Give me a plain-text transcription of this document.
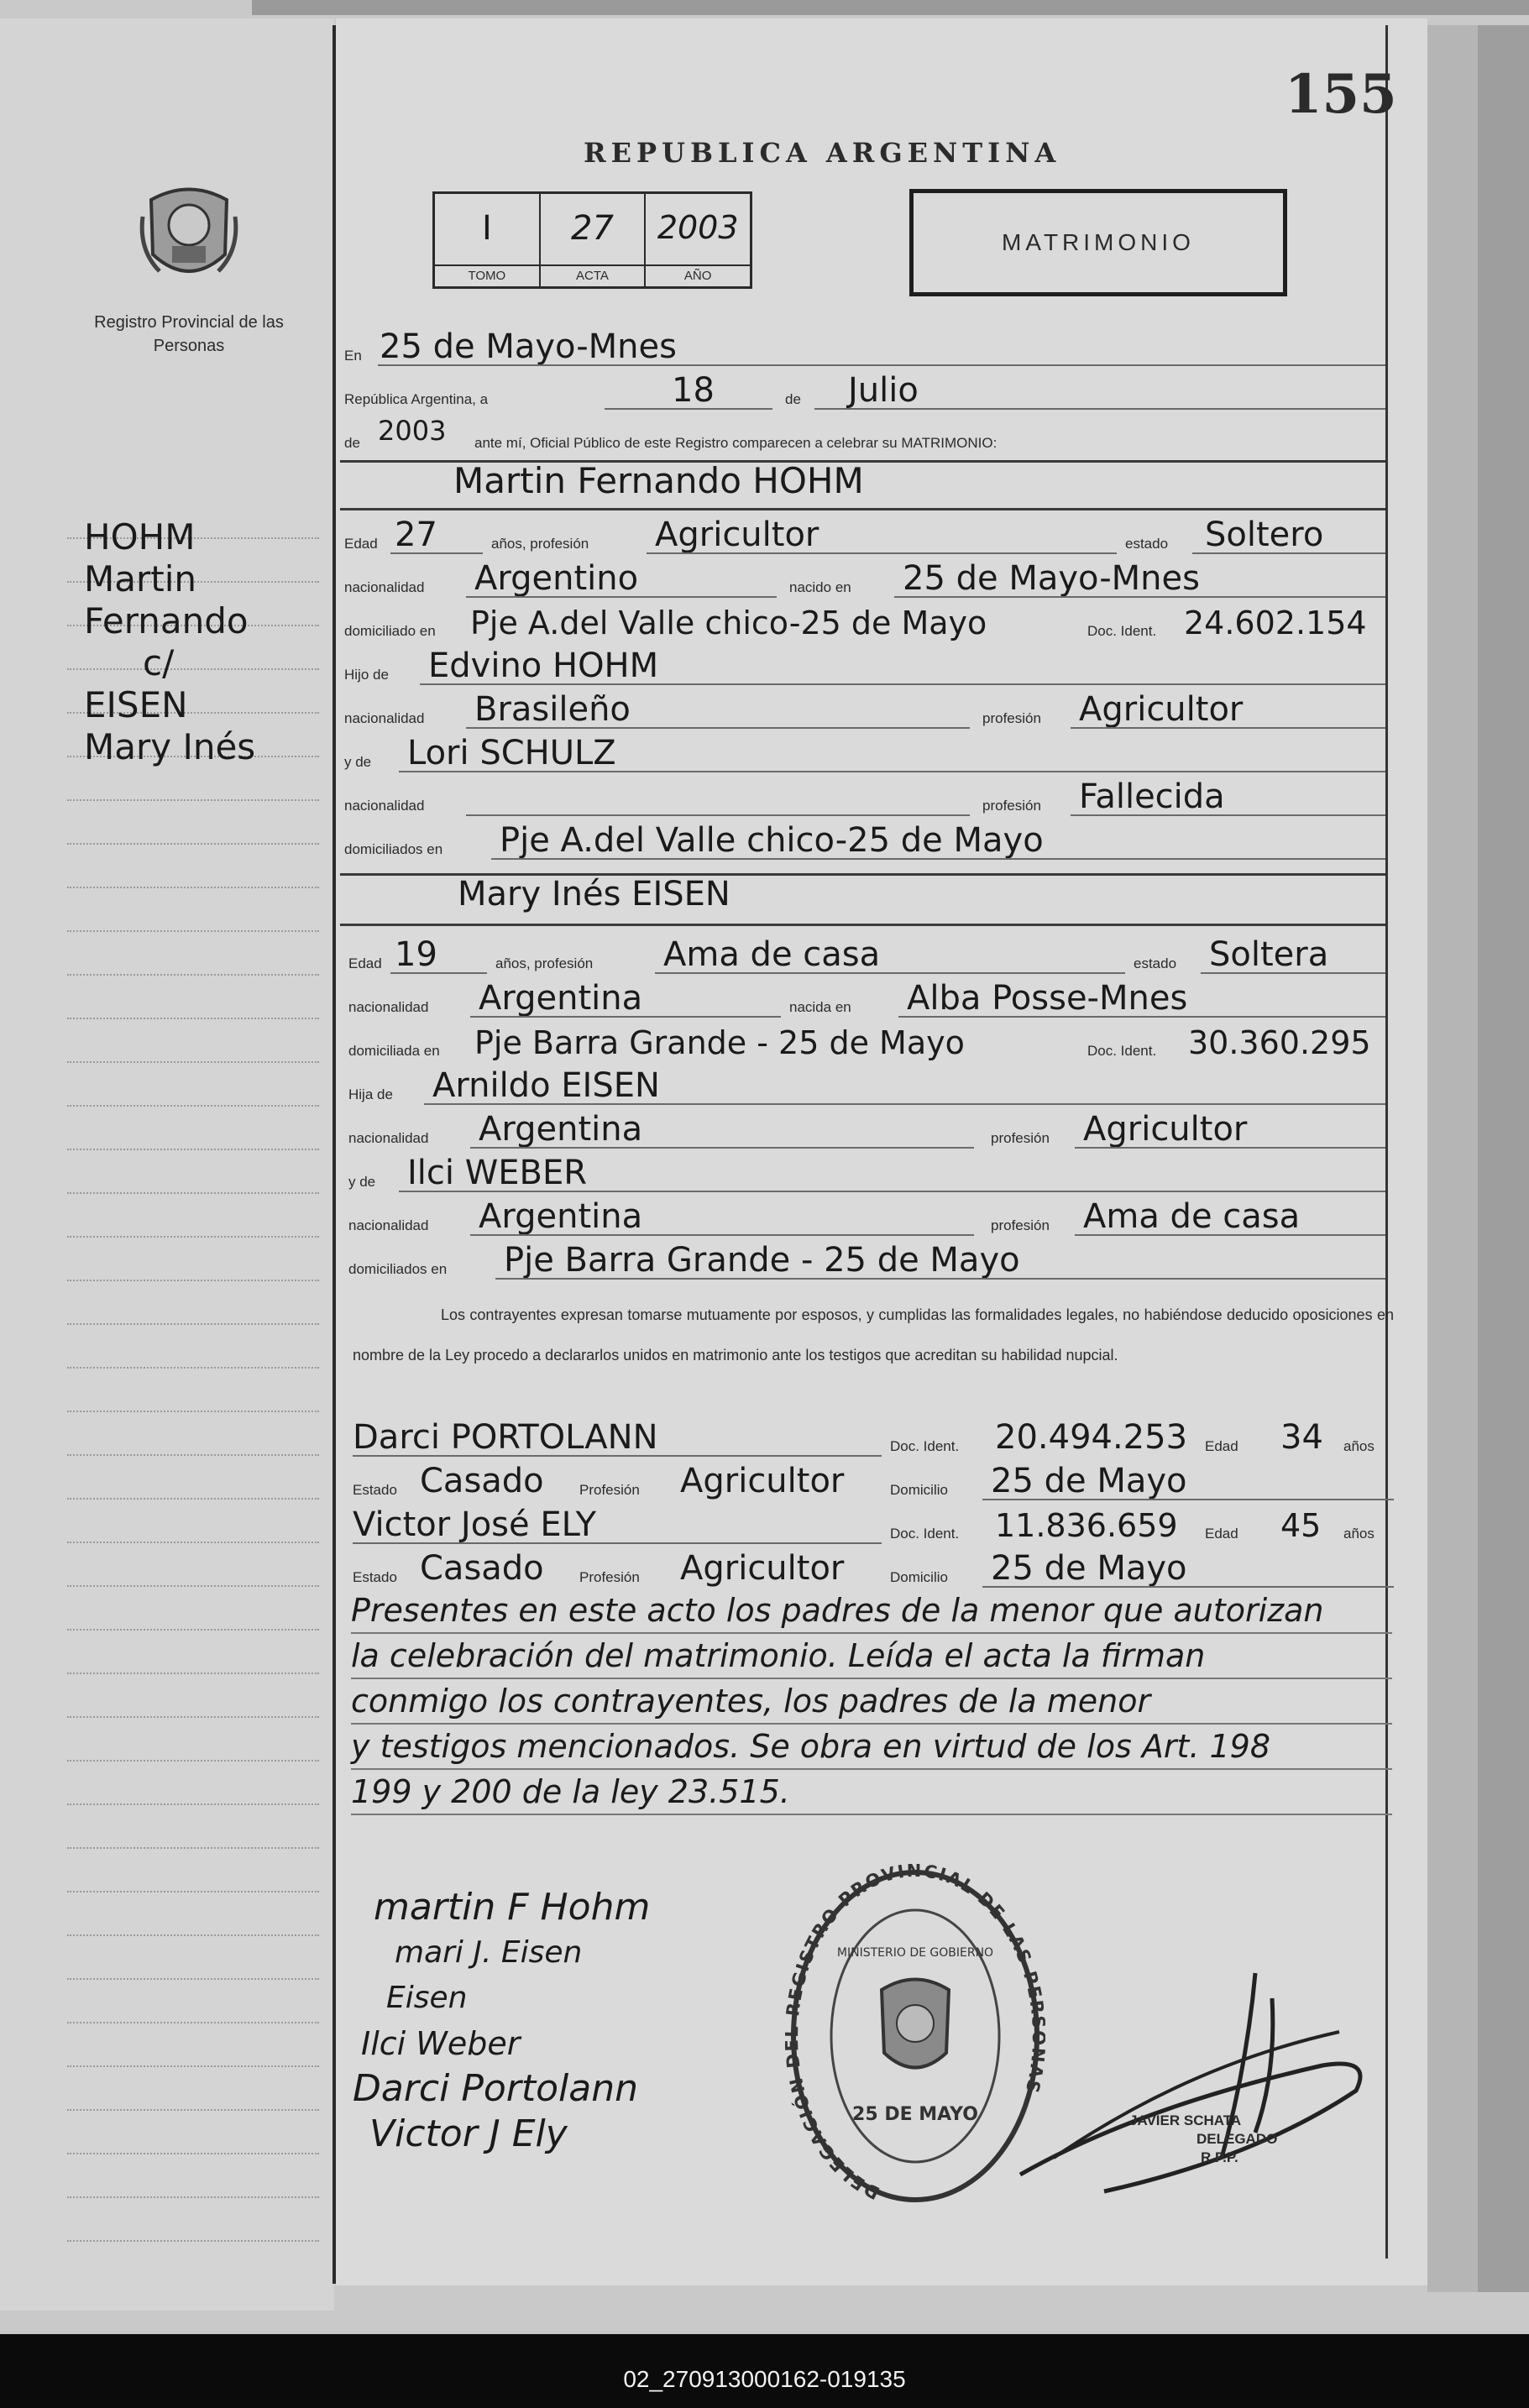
155
REPUBLICA ARGENTINA
Registro Provincial de las Personas
I
TOMO
27
ACTA
2003
AÑO
MATRIMONIO
HOHM
Martin
Fernando
c/
EISEN
Mary Inés
En 25 de Mayo-Mnes
República Argentina, a	18	de Julio
de 2003 ante mí, Oficial Público de este Registro comparecen a celebrar su MATRIMONIO:
Martin Fernando HOHM
Edad 27	años, profesión Agricultor	estado Soltero
nacionalidad Argentino	nacido en 25 de Mayo-Mnes
domiciliado en Pje A.del Valle chico-25 de Mayo	Doc. Ident. 24.602.154
Hijo de Edvino HOHM
nacionalidad Brasileño	profesión Agricultor
y de Lori SCHULZ
nacionalidad	profesión Fallecida
domiciliados en Pje A.del Valle chico-25 de Mayo
Mary Inés EISEN
Edad 19	años, profesión Ama de casa	estado Soltera
nacionalidad Argentina	nacida en Alba Posse-Mnes
domiciliada en Pje Barra Grande - 25 de Mayo	Doc. Ident. 30.360.295
Hija de Arnildo EISEN
nacionalidad Argentina	profesión Agricultor
y de Ilci WEBER
nacionalidad Argentina	profesión Ama de casa
domiciliados en Pje Barra Grande - 25 de Mayo
Los contrayentes expresan tomarse mutuamente por esposos, y cumplidas las formalidades legales, no habiéndose deducido oposiciones en nombre de la Ley procedo a declararlos unidos en matrimonio ante los testigos que acreditan su habilidad nupcial.
Darci PORTOLANN	Doc. Ident. 20.494.253 Edad 34 años
Estado Casado Profesión Agricultor	Domicilio 25 de Mayo
Victor José ELY	Doc. Ident. 11.836.659 Edad 45 años
Estado Casado Profesión Agricultor	Domicilio 25 de Mayo
Presentes en este acto los padres de la menor que autorizan
la celebración del matrimonio. Leída el acta la firman
conmigo los contrayentes, los padres de la menor
y testigos mencionados. Se obra en virtud de los Art. 198
199 y 200 de la ley 23.515.
martin F Hohm
mari J. Eisen
Eisen
Ilci Weber
Darci Portolann
Victor J Ely
DELEGACIÓN EGISTRO PROVINCIAL DE LAS PE AS
MINISTERIO DE GOBIERNO
25 DE MAYO	JAVIER SCHATA
DELEGADO
R.P.P.
02_270913000162-019135
